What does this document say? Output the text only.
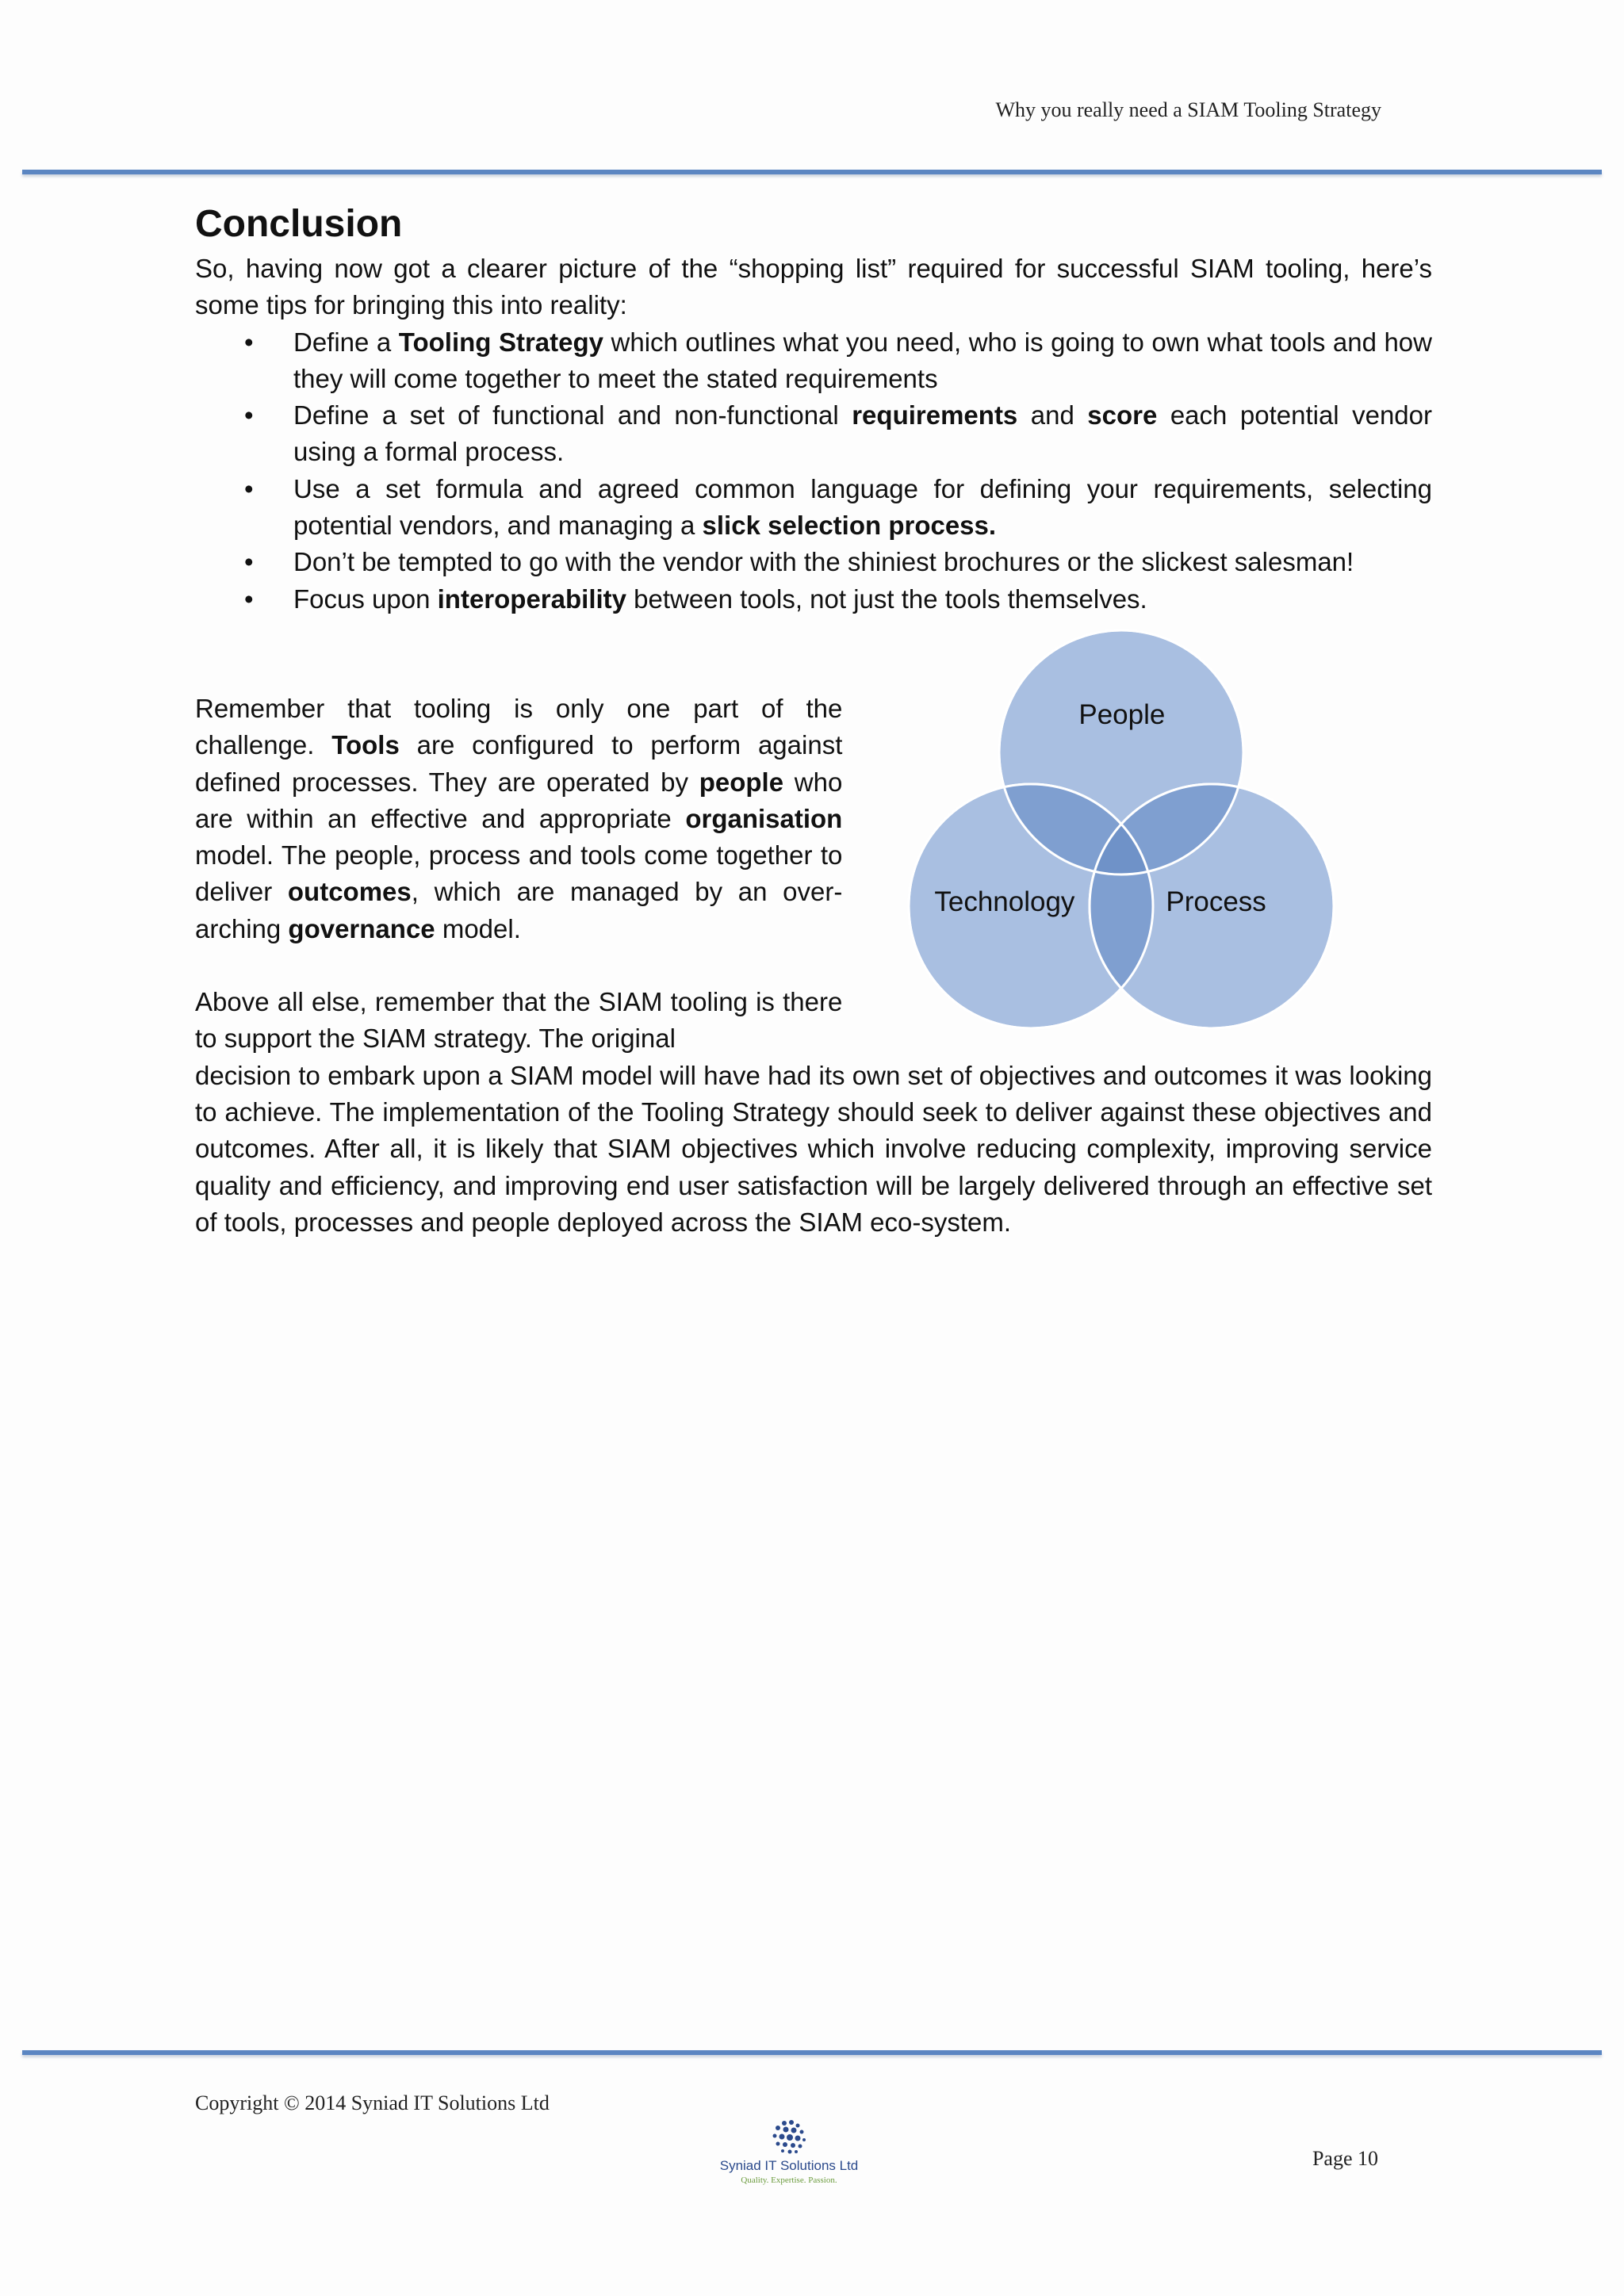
Why you really need a SIAM Tooling Strategy
Conclusion

So, having now got a clearer picture of the “shopping list” required for successful SIAM tooling, here’s some tips for bringing this into reality:

• Define a Tooling Strategy which outlines what you need, who is going to own what tools and how they will come together to meet the stated requirements
• Define a set of functional and non-functional requirements and score each potential vendor using a formal process.
• Use a set formula and agreed common language for defining your requirements, selecting potential vendors, and managing a slick selection process.
• Don’t be tempted to go with the vendor with the shiniest brochures or the slickest salesman!
• Focus upon interoperability between tools, not just the tools themselves.

Remember that tooling is only one part of the challenge. Tools are configured to perform against defined processes. They are operated by people who are within an effective and appropriate organisation model. The people, process and tools come together to deliver outcomes, which are managed by an over-arching governance model.

Above all else, remember that the SIAM tooling is there to support the SIAM strategy. The original

People
Technology	Process

decision to embark upon a SIAM model will have had its own set of objectives and outcomes it was looking to achieve. The implementation of the Tooling Strategy should seek to deliver against these objectives and outcomes. After all, it is likely that SIAM objectives which involve reducing complexity, improving service quality and efficiency, and improving end user satisfaction will be largely delivered through an effective set of tools, processes and people deployed across the SIAM eco-system.

Copyright © 2014 Syniad IT Solutions Ltd
Syniad IT Solutions Ltd
Quality. Expertise. Passion.
Page 10
